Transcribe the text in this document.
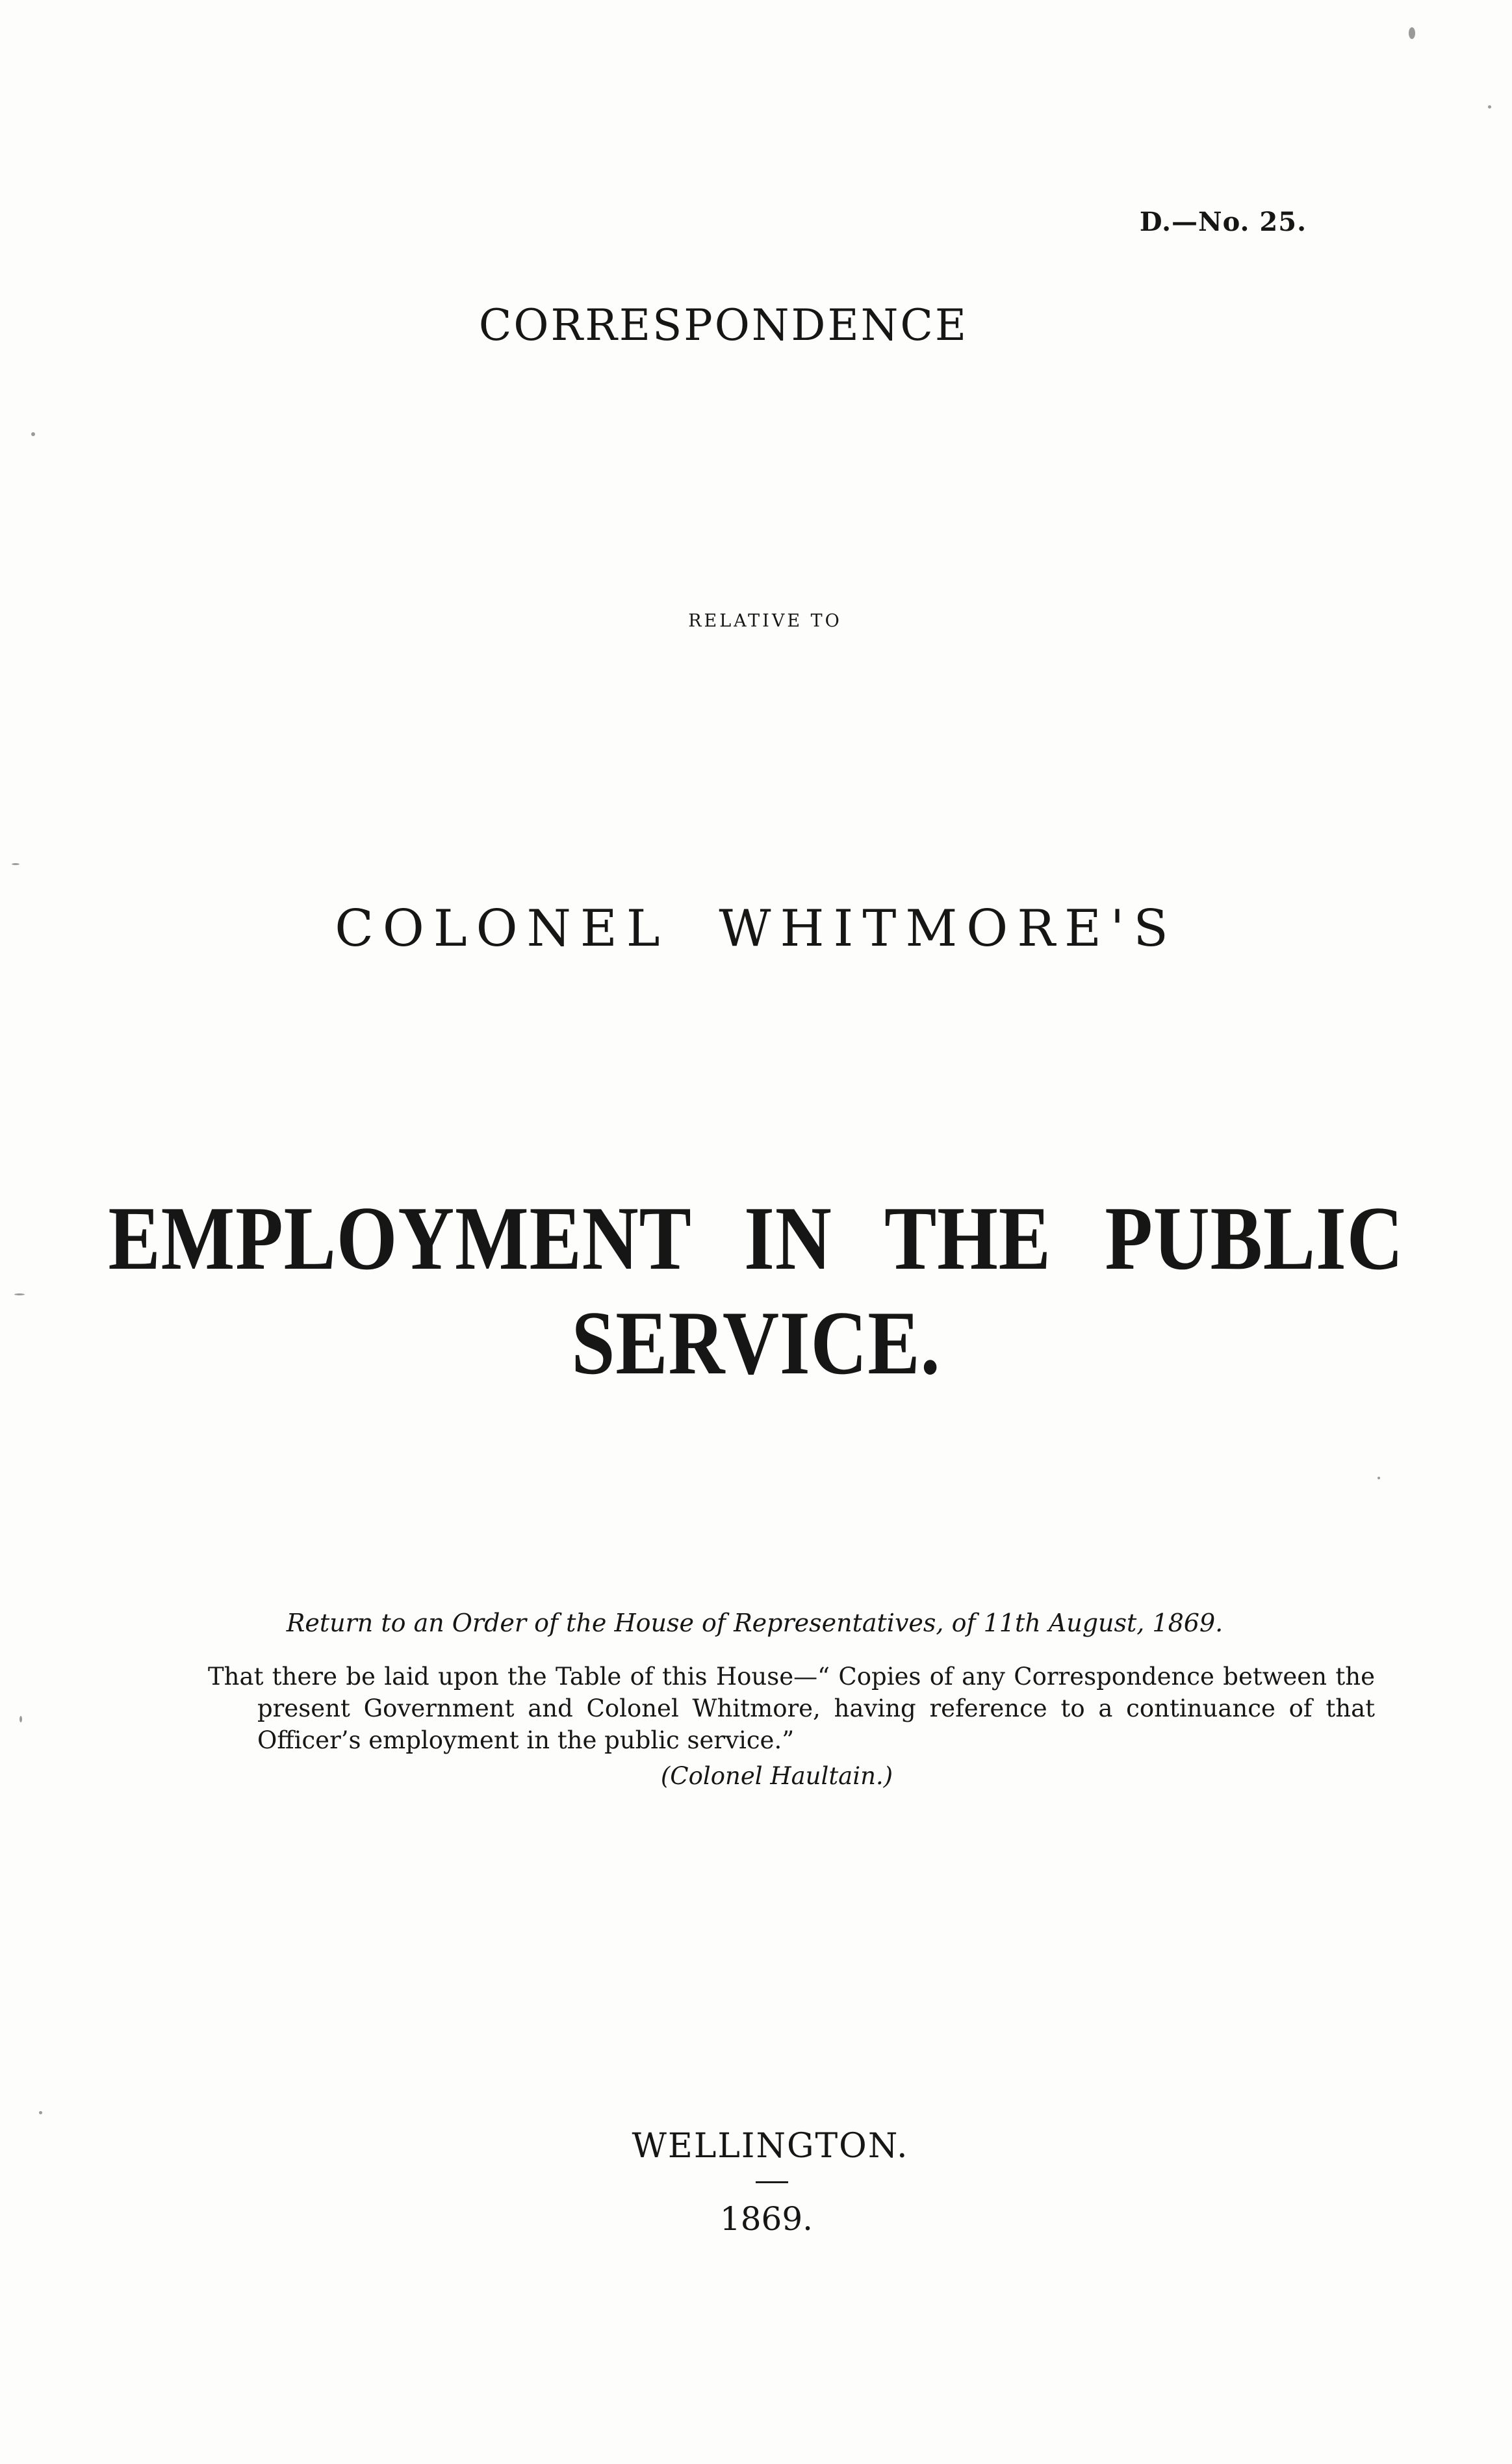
D.—No. 25.
CORRESPONDENCE
RELATIVE TO
COLONEL WHITMORE'S
EMPLOYMENT IN THE PUBLIC SERVICE.
Return to an Order of the House of Representatives, of 11th August, 1869.
That there be laid upon the Table of this House—“ Copies of any Correspondence between the present Government and Colonel Whitmore, having reference to a continuance of that Officer’s employment in the public service.”
(Colonel Haultain.)
WELLINGTON.
1869.
